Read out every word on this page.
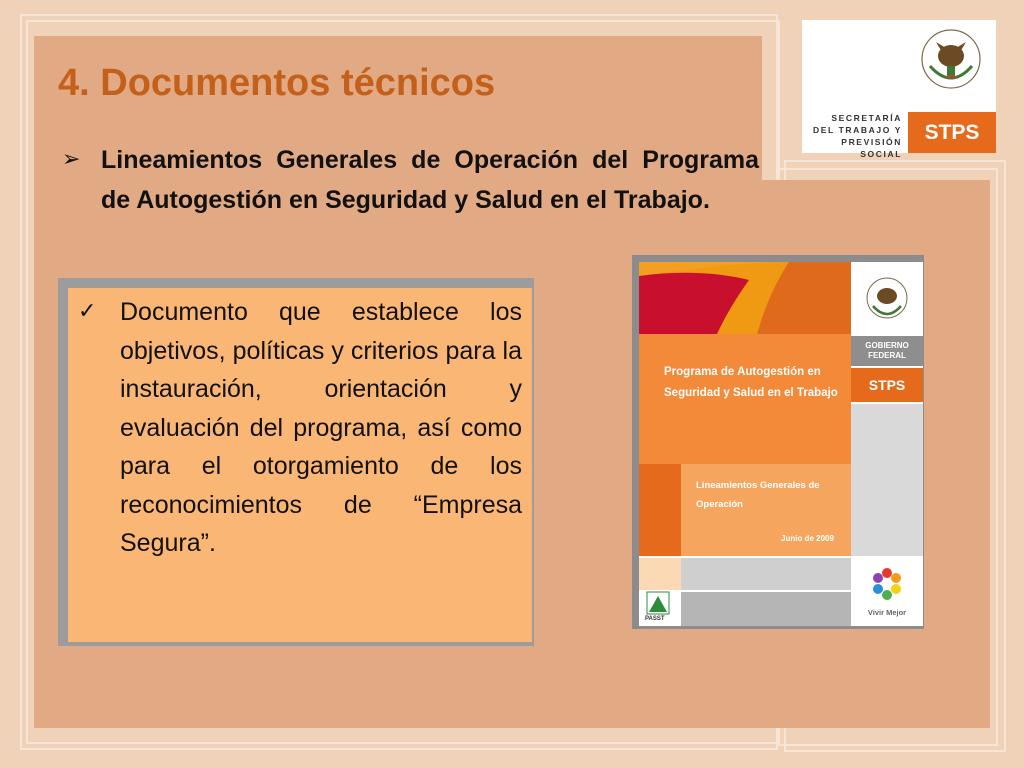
4. Documentos técnicos
➢ Lineamientos Generales de Operación del Programa de Autogestión en Seguridad y Salud en el Trabajo.
SECRETARÍA
DEL TRABAJO Y
PREVISIÓN SOCIAL
STPS
✓ Documento que establece los objetivos, políticas y criterios para la instauración, orientación y evaluación del programa, así como para el otorgamiento de los reconocimientos de “Empresa Segura”.

Programa de Autogestión en Seguridad y Salud en el Trabajo
Lineamientos Generales de Operación
Junio de 2009
GOBIERNO
FEDERAL
STPS
Vivir Mejor
PASST
